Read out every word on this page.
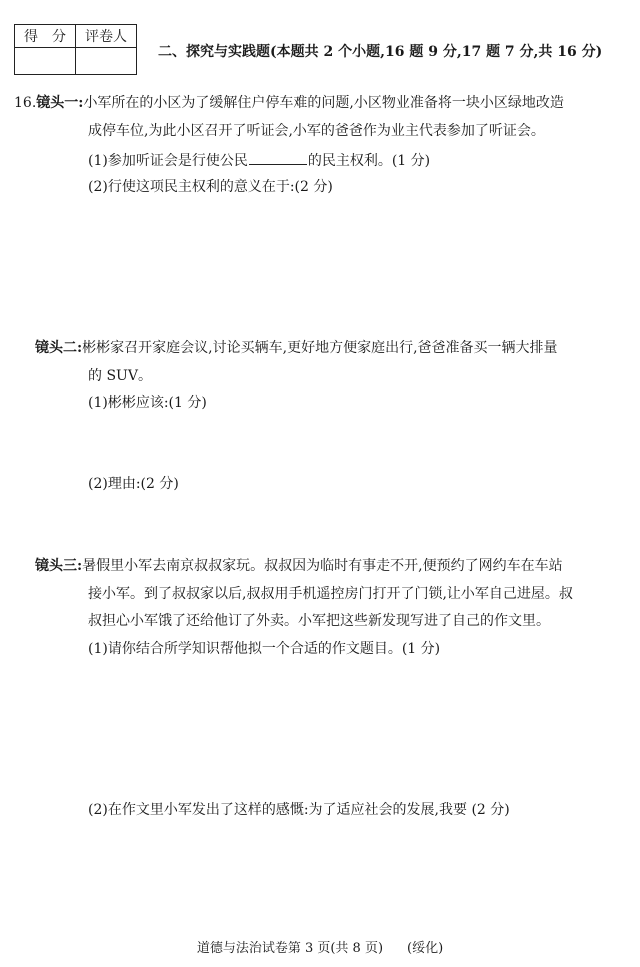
得　分	评卷人

二、探究与实践题(本题共 2 个小题,16 题 9 分,17 题 7 分,共 16 分)
16.镜头一:小军所在的小区为了缓解住户停车难的问题,小区物业准备将一块小区绿地改造
成停车位,为此小区召开了听证会,小军的爸爸作为业主代表参加了听证会。
(1)参加听证会是行使公民	的民主权利。(1 分)
(2)行使这项民主权利的意义在于:(2 分)
镜头二:彬彬家召开家庭会议,讨论买辆车,更好地方便家庭出行,爸爸准备买一辆大排量
的 SUV。
(1)彬彬应该:(1 分)
(2)理由:(2 分)
镜头三:暑假里小军去南京叔叔家玩。叔叔因为临时有事走不开,便预约了网约车在车站
接小军。到了叔叔家以后,叔叔用手机遥控房门打开了门锁,让小军自己进屋。叔
叔担心小军饿了还给他订了外卖。小军把这些新发现写进了自己的作文里。
(1)请你结合所学知识帮他拟一个合适的作文题目。(1 分)
(2)在作文里小军发出了这样的感慨:为了适应社会的发展,我要 (2 分)
道德与法治试卷第 3 页(共 8 页) (绥化)
